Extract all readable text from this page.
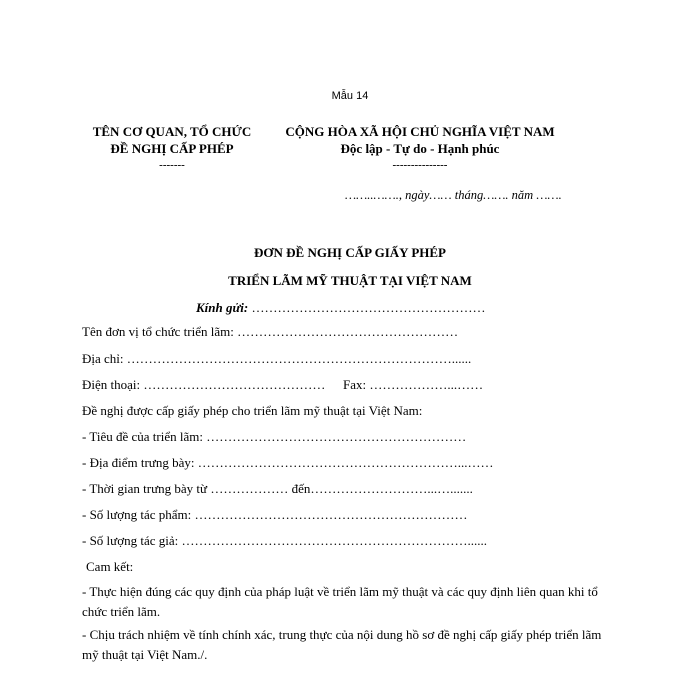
Mẫu 14
TÊN CƠ QUAN, TỔ CHỨC
ĐỀ NGHỊ CẤP PHÉP
-------
CỘNG HÒA XÃ HỘI CHỦ NGHĨA VIỆT NAM
Độc lập - Tự do - Hạnh phúc
---------------
……..……., ngày…… tháng……. năm …….
ĐƠN ĐỀ NGHỊ CẤP GIẤY PHÉP
TRIỂN LÃM MỸ THUẬT TẠI VIỆT NAM
Kính gửi: ………………………………………………
Tên đơn vị tổ chức triển lãm: ……………………………………………
Địa chỉ: …………………………………………………………………......
Điện thoại: …………………………………… Fax: ………………...……
Đề nghị được cấp giấy phép cho triển lãm mỹ thuật tại Việt Nam:
- Tiêu đề của triển lãm: ……………………………………………………
- Địa điểm trưng bày: ……………………………………………………...……
- Thời gian trưng bày từ ……………… đến………………………...….......
- Số lượng tác phẩm: ………………………………………………………
- Số lượng tác giả: …………………………………………………………......
Cam kết:
- Thực hiện đúng các quy định của pháp luật về triển lãm mỹ thuật và các quy định liên quan khi tổ chức triển lãm.
- Chịu trách nhiệm về tính chính xác, trung thực của nội dung hồ sơ đề nghị cấp giấy phép triển lãm mỹ thuật tại Việt Nam./.
